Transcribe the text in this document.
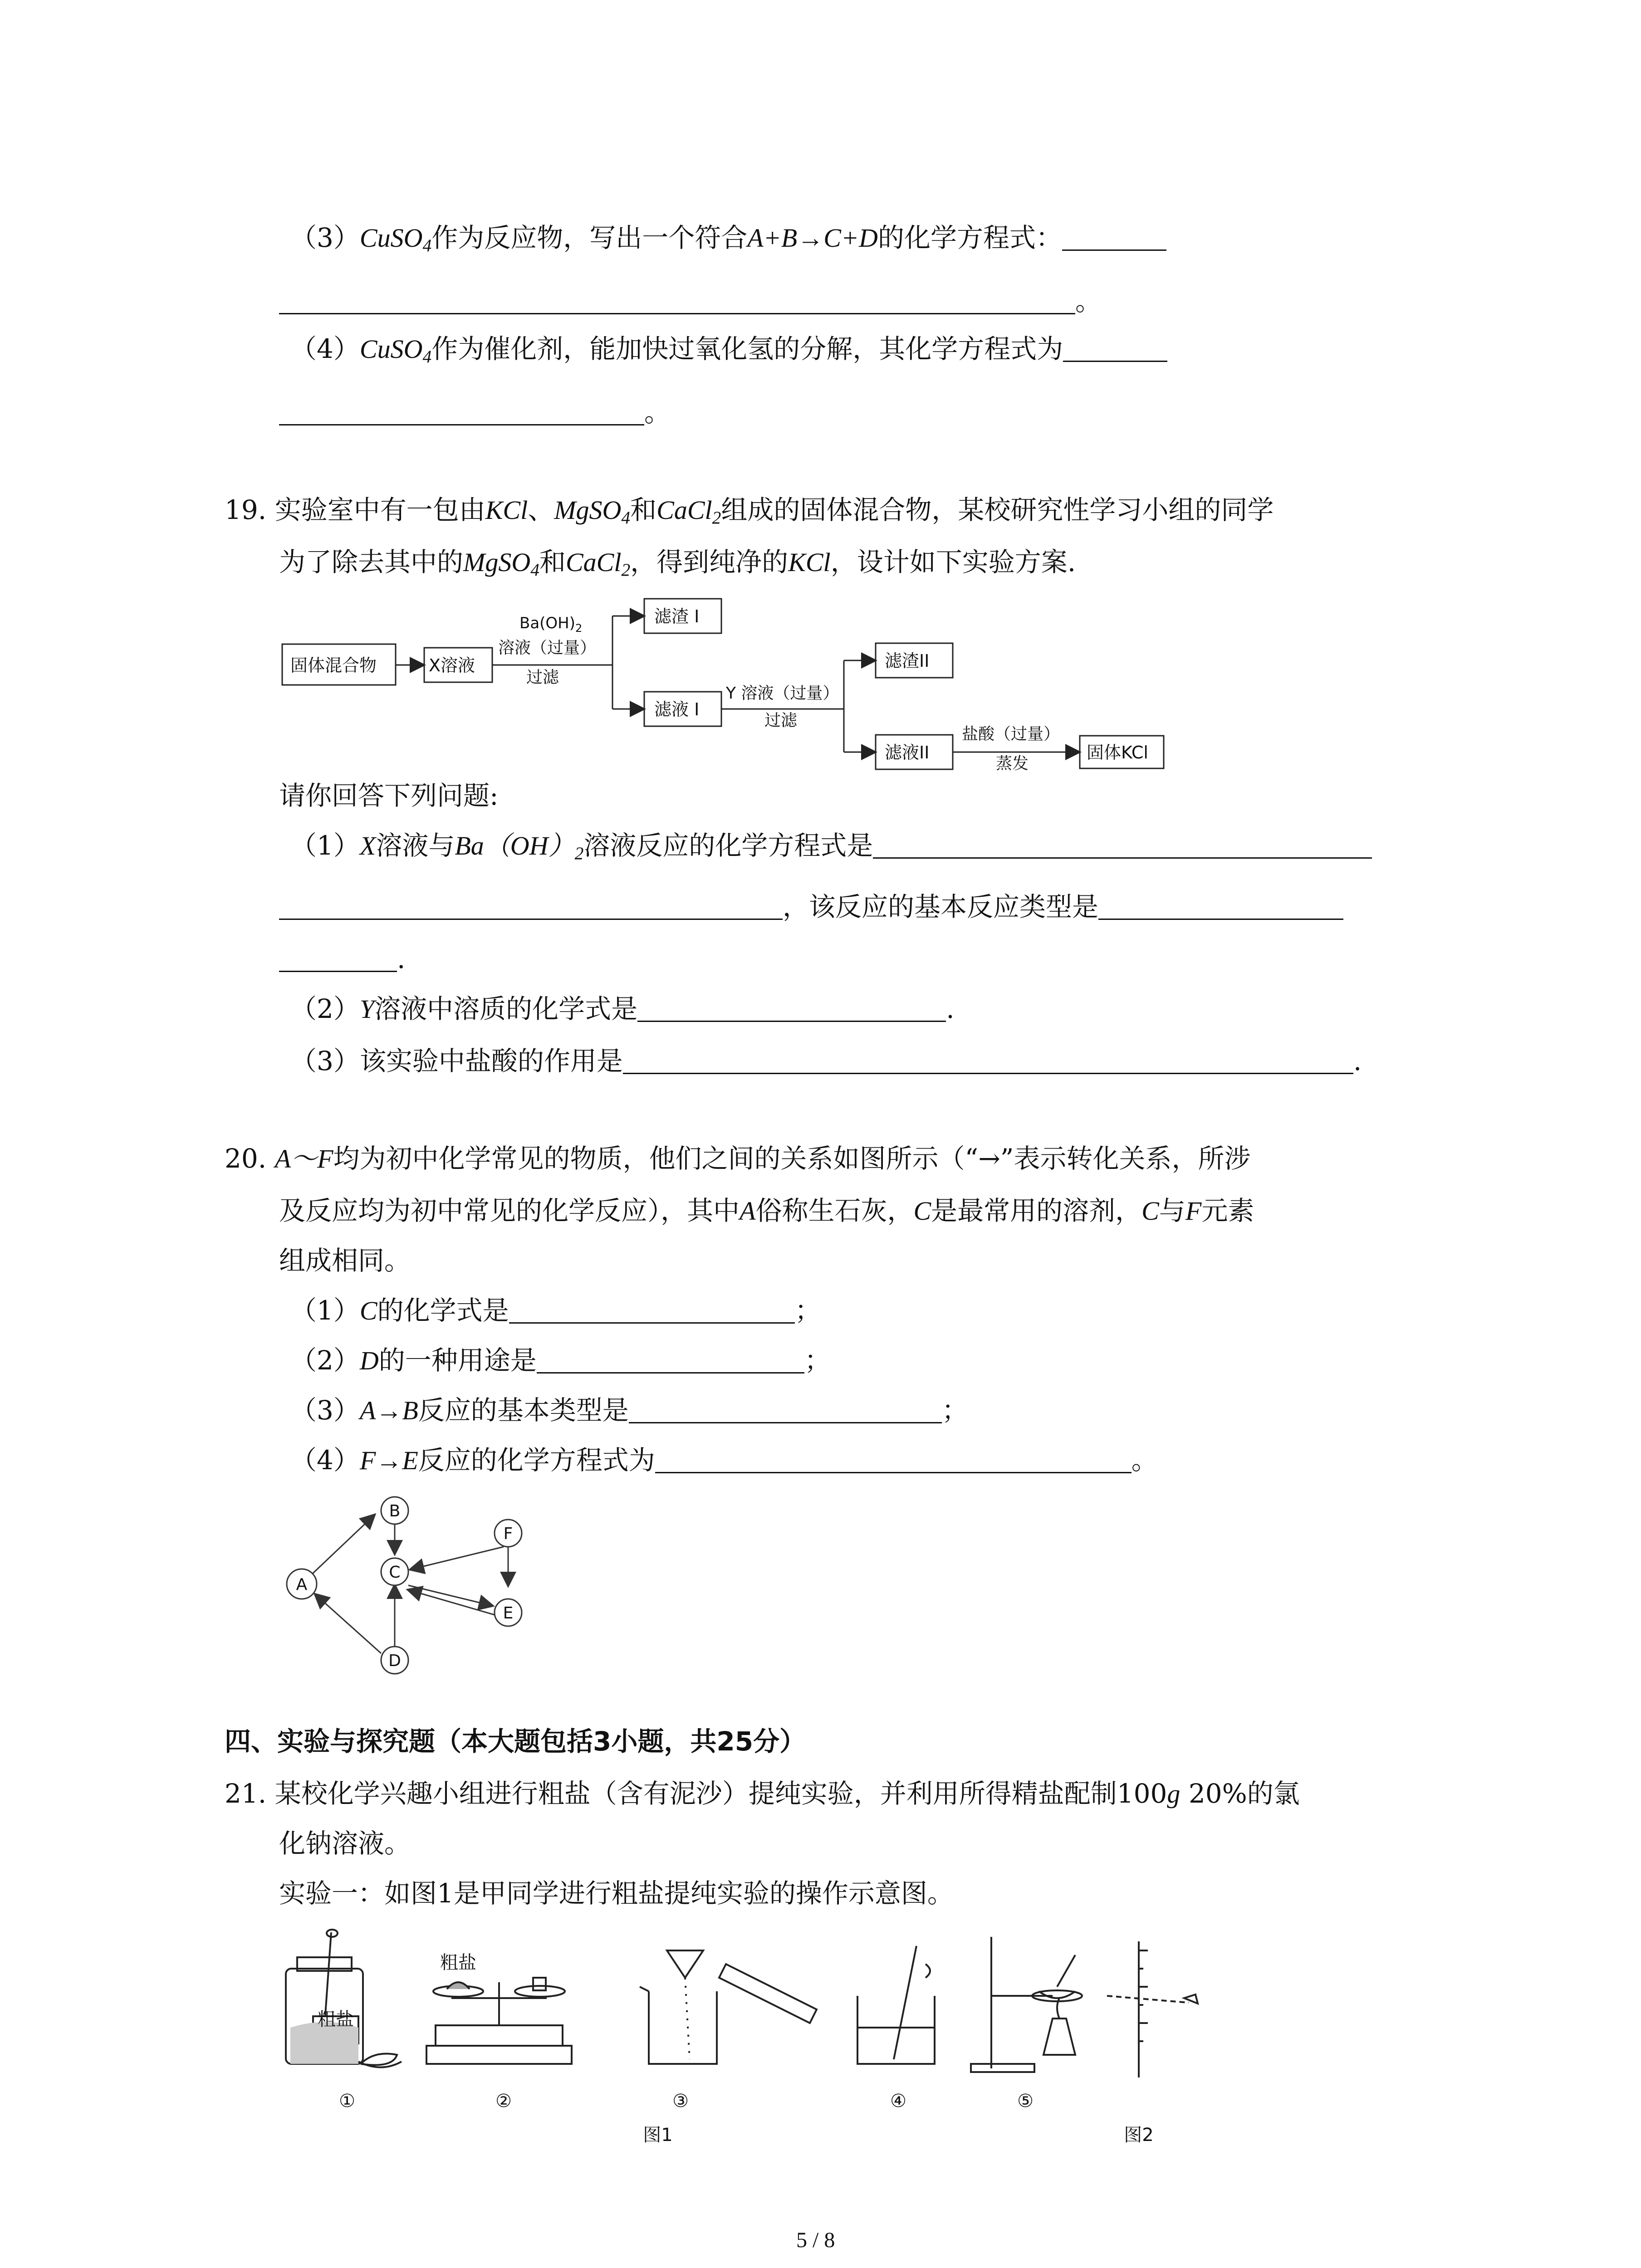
（3）CuSO4作为反应物，写出一个符合A+B→C+D的化学方程式：
。
（4）CuSO4作为催化剂，能加快过氧化氢的分解，其化学方程式为
。
19. 实验室中有一包由KCl、MgSO4和CaCl2组成的固体混合物，某校研究性学习小组的同学
为了除去其中的MgSO4和CaCl2，得到纯净的KCl，设计如下实验方案.
固体混合物	X溶液
$Ba(OH)_2$
溶液（过量）
过滤
滤渣 I
滤液 I
Y 溶液（过量）
过滤
滤渣II
滤液II
盐酸（过量）
蒸发
固体KCl
请你回答下列问题:
（1）X溶液与Ba（OH）2溶液反应的化学方程式是
，该反应的基本反应类型是
.
（2）Y溶液中溶质的化学式是	.
（3）该实验中盐酸的作用是	.
20. A～F均为初中化学常见的物质，他们之间的关系如图所示（“→”表示转化关系，所涉
及反应均为初中常见的化学反应），其中A俗称生石灰，C是最常用的溶剂，C与F元素
组成相同。
（1）C的化学式是	；
（2）D的一种用途是	；
（3）A→B反应的基本类型是	；
（4）F→E反应的化学方程式为	。
A
B
C
D
E
F
四、实验与探究题（本大题包括3小题，共25分）
21. 某校化学兴趣小组进行粗盐（含有泥沙）提纯实验，并利用所得精盐配制100g 20%的氯
化钠溶液。
实验一：如图1是甲同学进行粗盐提纯实验的操作示意图。
粗盐
粗盐
①	②	③	④	⑤
图1	图2
5 / 8
